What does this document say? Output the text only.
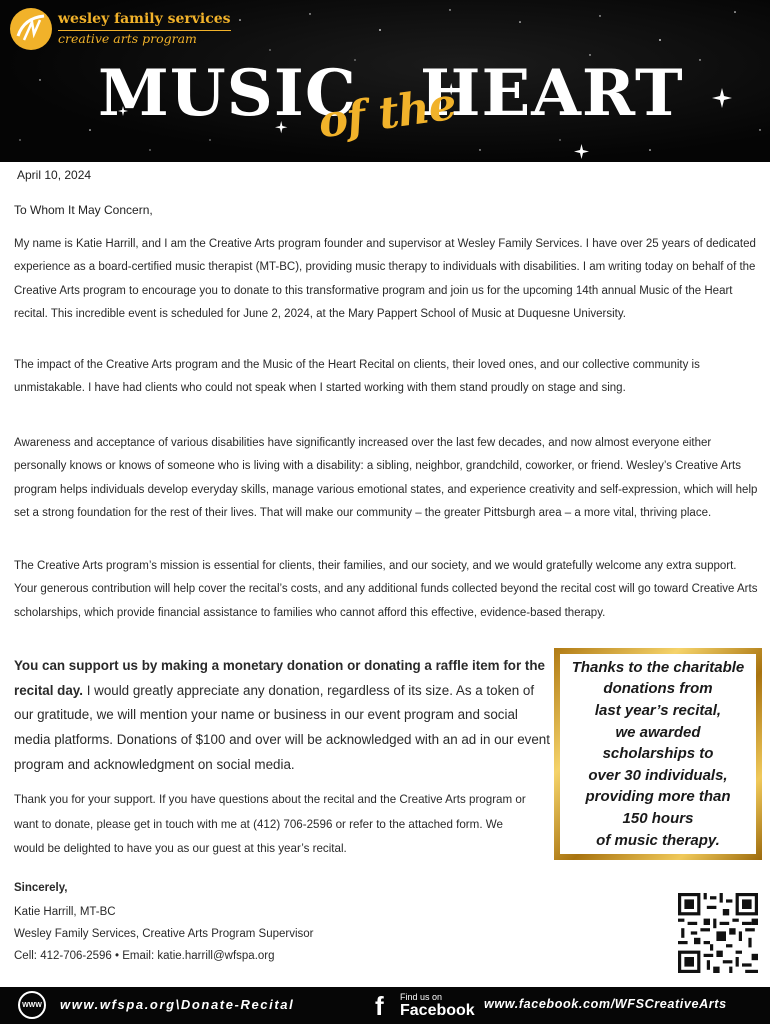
wesley family services
creative arts program
MUSIC HEART
of the
April 10, 2024
To Whom It May Concern,

My name is Katie Harrill, and I am the Creative Arts program founder and supervisor at Wesley Family Services. I have over 25 years of dedicated experience as a board-certified music therapist (MT-BC), providing music therapy to individuals with disabilities. I am writing today on behalf of the Creative Arts program to encourage you to donate to this transformative program and join us for the upcoming 14th annual Music of the Heart recital. This incredible event is scheduled for June 2, 2024, at the Mary Pappert School of Music at Duquesne University.

The impact of the Creative Arts program and the Music of the Heart Recital on clients, their loved ones, and our collective community is unmistakable. I have had clients who could not speak when I started working with them stand proudly on stage and sing.

Awareness and acceptance of various disabilities have significantly increased over the last few decades, and now almost everyone either personally knows or knows of someone who is living with a disability: a sibling, neighbor, grandchild, coworker, or friend. Wesley’s Creative Arts program helps individuals develop everyday skills, manage various emotional states, and experience creativity and self-expression, which will help set a strong foundation for the rest of their lives. That will make our community – the greater Pittsburgh area – a more vital, thriving place.

The Creative Arts program’s mission is essential for clients, their families, and our society, and we would gratefully welcome any extra support. Your generous contribution will help cover the recital’s costs, and any additional funds collected beyond the recital cost will go toward Creative Arts scholarships, which provide financial assistance to families who cannot afford this effective, evidence-based therapy.

You can support us by making a monetary donation or donating a raffle item for the recital day. I would greatly appreciate any donation, regardless of its size. As a token of our gratitude, we will mention your name or business in our event program and social media platforms. Donations of $100 and over will be acknowledged with an ad in our event program and acknowledgment on social media.

Thank you for your support. If you have questions about the recital and the Creative Arts program or want to donate, please get in touch with me at (412) 706-2596 or refer to the attached form. We would be delighted to have you as our guest at this year’s recital.

Thanks to the charitable
donations from
last year’s recital,
we awarded
scholarships to
over 30 individuals,
providing more than
150 hours
of music therapy.
Sincerely,
Katie Harrill, MT-BC
Wesley Family Services, Creative Arts Program Supervisor
Cell: 412-706-2596 • Email: katie.harrill@wfspa.org
WWW www.wfspa.org\Donate-Recital	f Find us on
Facebook www.facebook.com/WFSCreativeArts
